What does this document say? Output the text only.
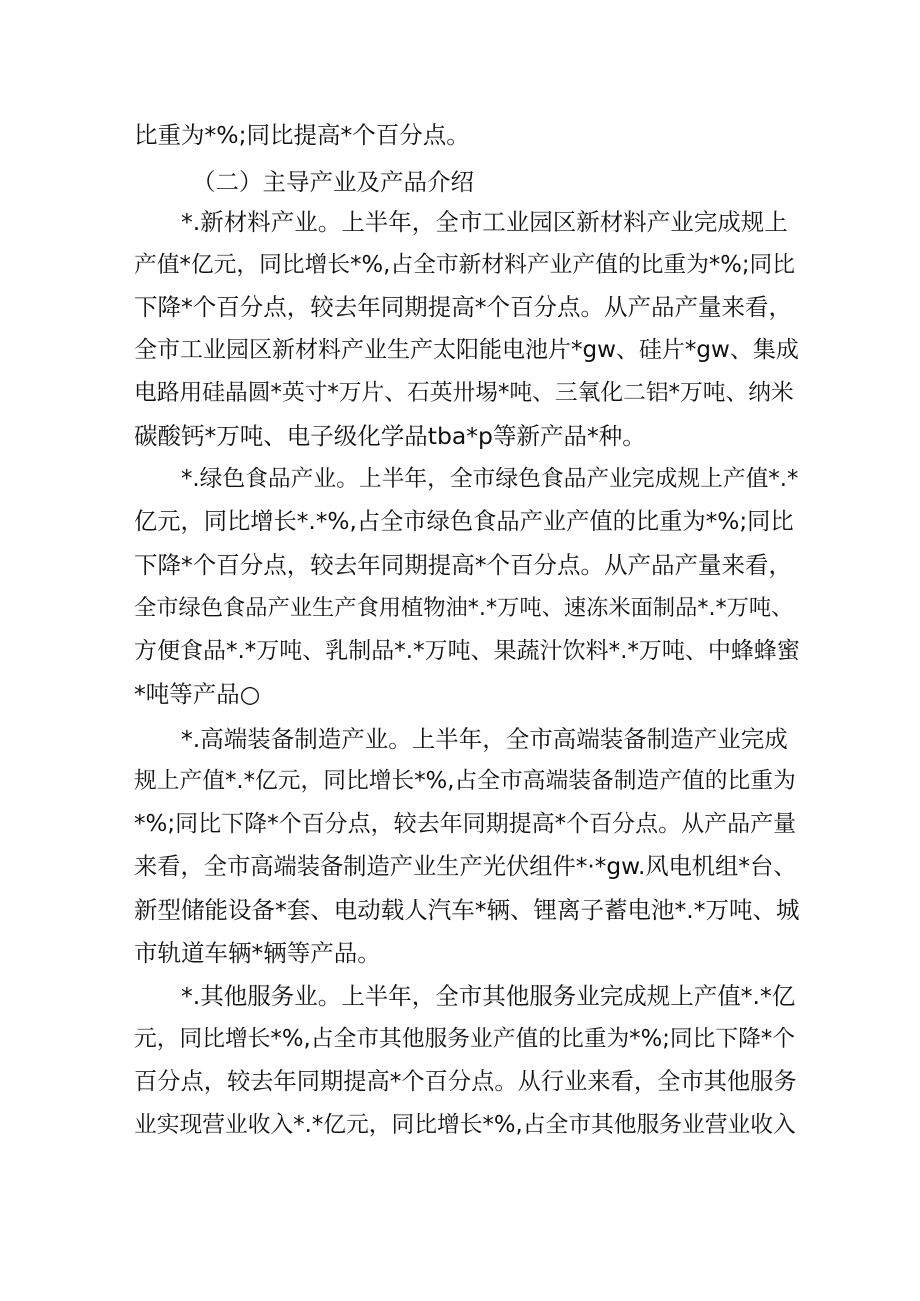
比重为*%;同比提高*个百分点。
（二）主导产业及产品介绍
*.新材料产业。上半年，全市工业园区新材料产业完成规上
产值*亿元，同比增长*%,占全市新材料产业产值的比重为*%;同比
下降*个百分点，较去年同期提高*个百分点。从产品产量来看，
全市工业园区新材料产业生产太阳能电池片*gw、硅片*gw、集成
电路用硅晶圆*英寸*万片、石英卅埸*吨、三氧化二铝*万吨、纳米
碳酸钙*万吨、电子级化学品tba*p等新产品*种。
*.绿色食品产业。上半年，全市绿色食品产业完成规上产值*.*
亿元，同比增长*.*%,占全市绿色食品产业产值的比重为*%;同比
下降*个百分点，较去年同期提高*个百分点。从产品产量来看，
全市绿色食品产业生产食用植物油*.*万吨、速冻米面制品*.*万吨、
方便食品*.*万吨、乳制品*.*万吨、果蔬汁饮料*.*万吨、中蜂蜂蜜
*吨等产品○
*.高端装备制造产业。上半年，全市高端装备制造产业完成
规上产值*.*亿元，同比增长*%,占全市高端装备制造产值的比重为
*%;同比下降*个百分点，较去年同期提高*个百分点。从产品产量
来看，全市高端装备制造产业生产光伏组件*·*gw.风电机组*台、
新型储能设备*套、电动载人汽车*辆、锂离子蓄电池*.*万吨、城
市轨道车辆*辆等产品。
*.其他服务业。上半年，全市其他服务业完成规上产值*.*亿
元，同比增长*%,占全市其他服务业产值的比重为*%;同比下降*个
百分点，较去年同期提高*个百分点。从行业来看，全市其他服务
业实现营业收入*.*亿元，同比增长*%,占全市其他服务业营业收入
